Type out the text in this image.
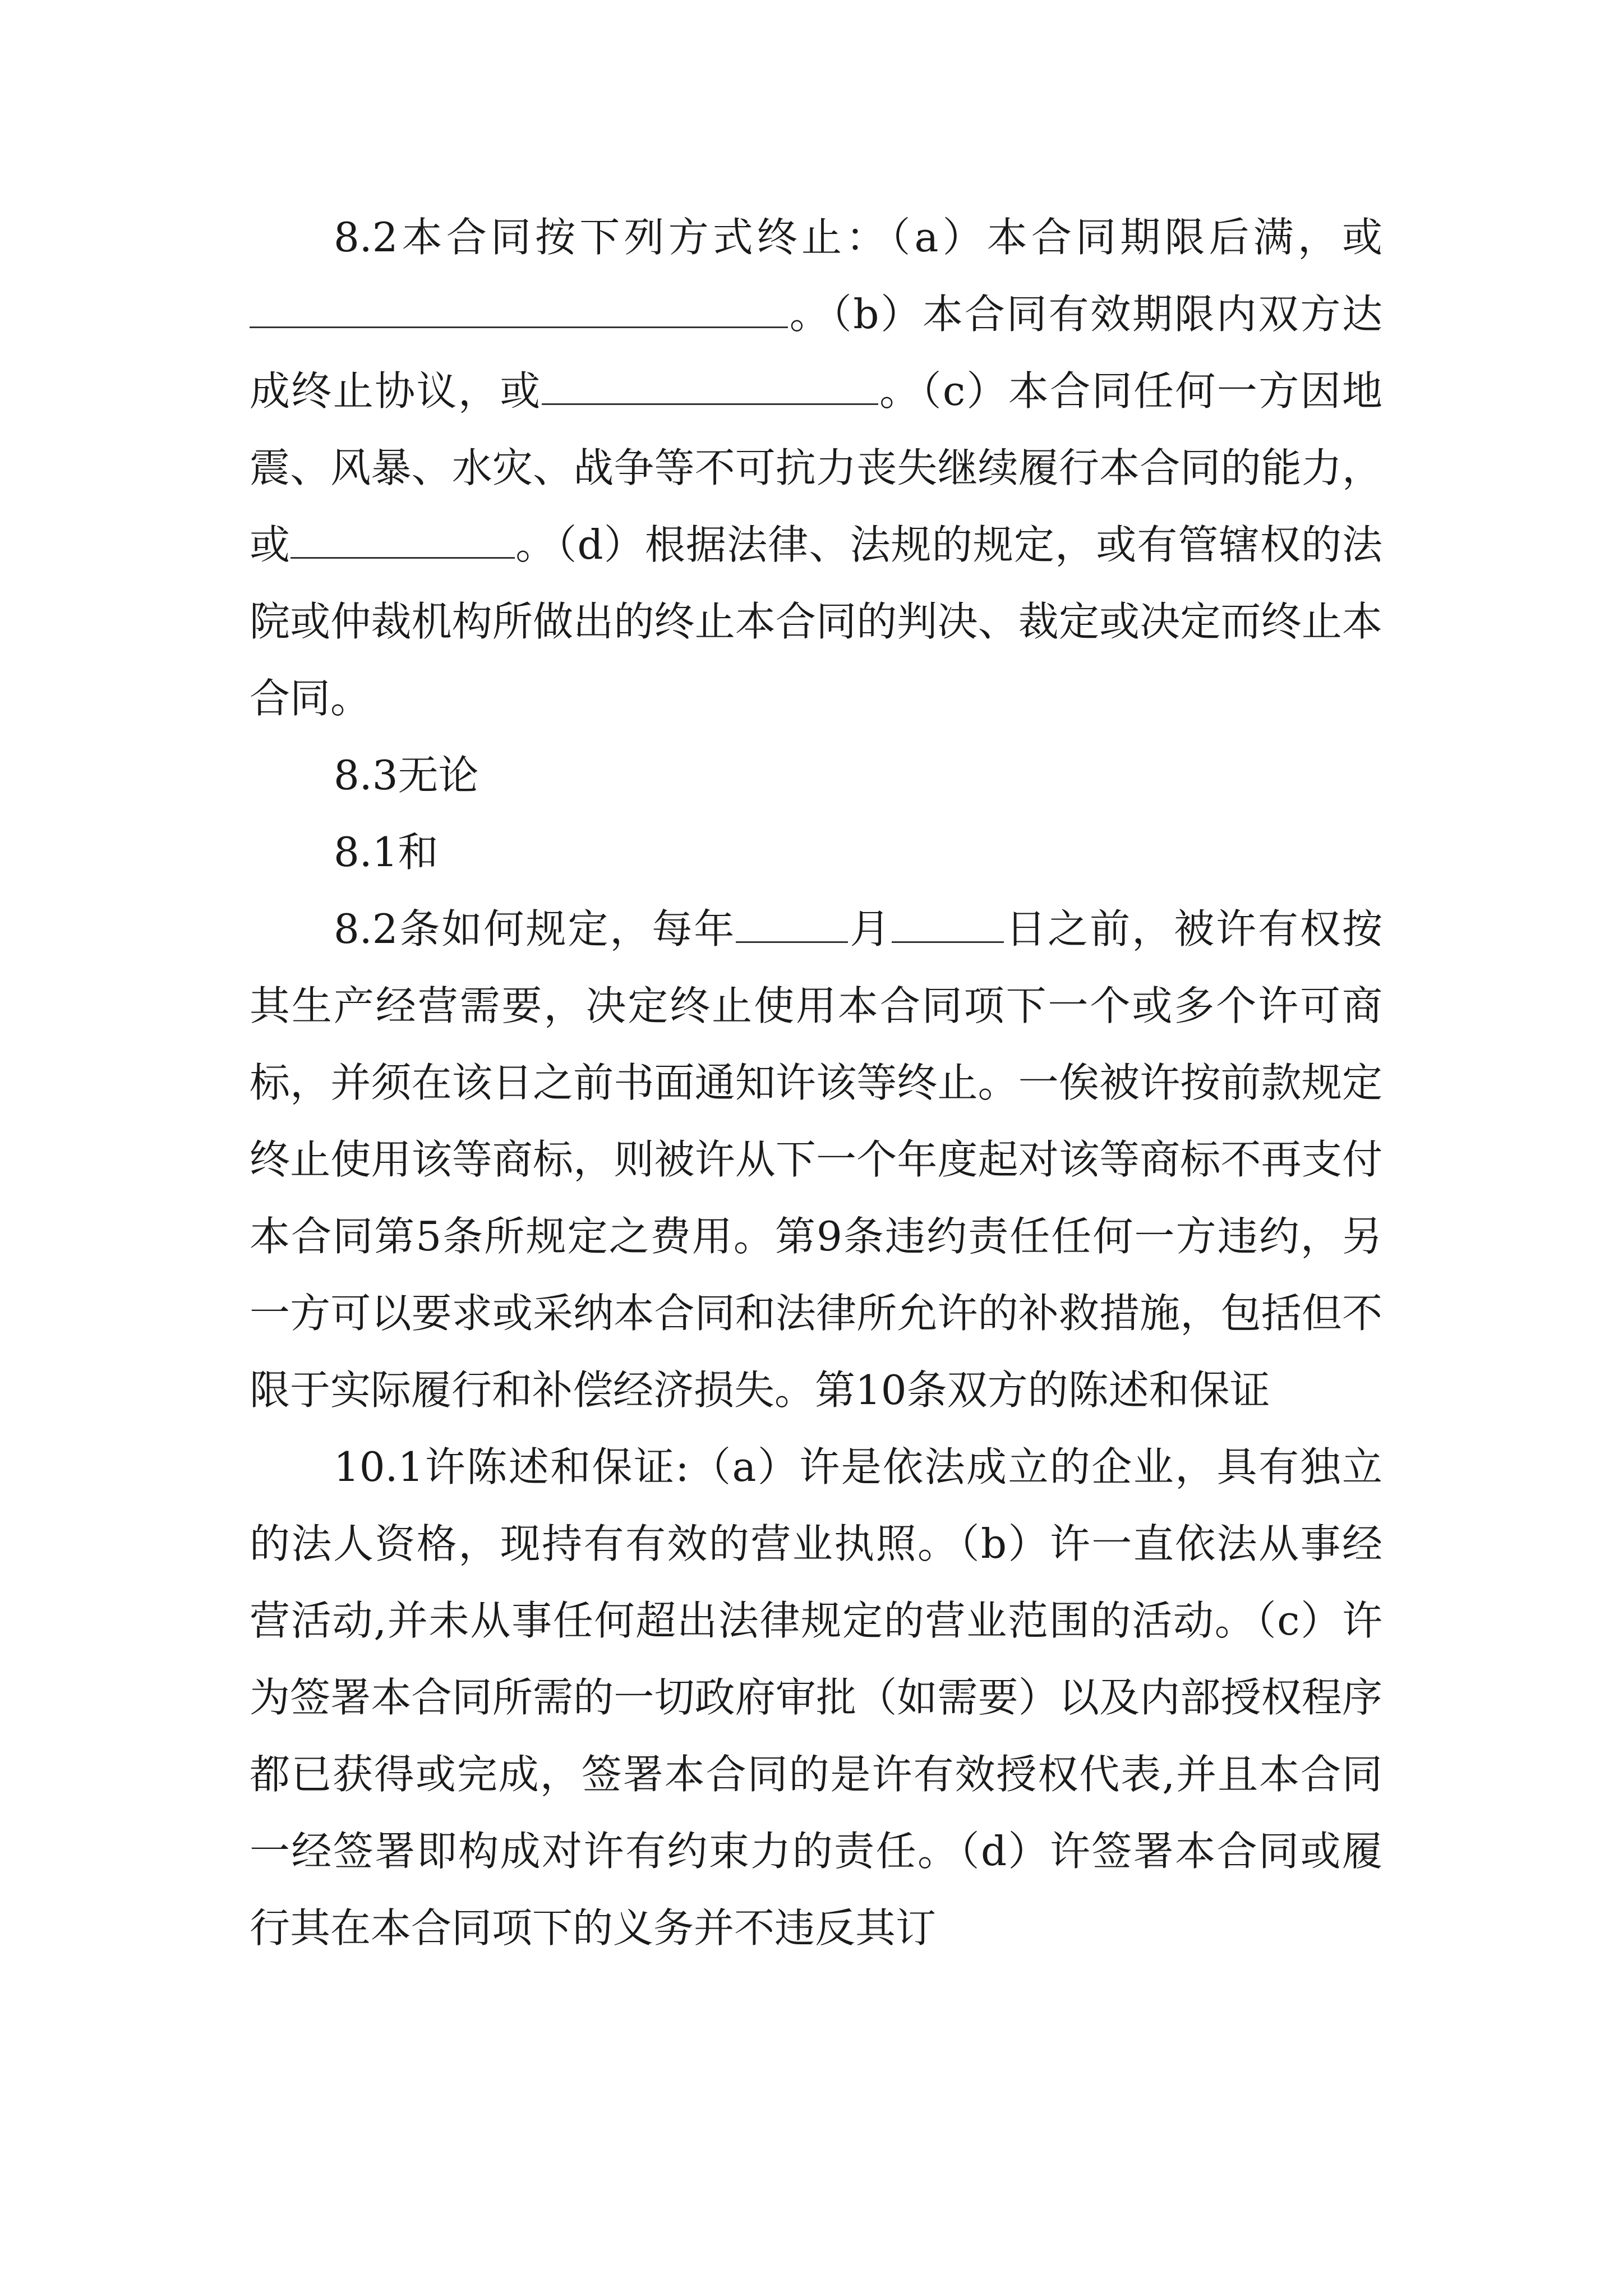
8.2本合同按下列方式终止：（a）本合同期限后满，或。（b）本合同有效期限内双方达成终止协议，或	。（c）本合同任何一方因地震、风暴、水灾、战争等不可抗力丧失继续履行本合同的能力，或	。（d）根据法律、法规的规定，或有管辖权的法院或仲裁机构所做出的终止本合同的判决、裁定或决定而终止本合同。

8.3无论

8.1和

8.2条如何规定，每年	月	日之前，被许有权按其生产经营需要，决定终止使用本合同项下一个或多个许可商标，并须在该日之前书面通知许该等终止。一俟被许按前款规定终止使用该等商标，则被许从下一个年度起对该等商标不再支付本合同第5条所规定之费用。第9条违约责任任何一方违约，另一方可以要求或采纳本合同和法律所允许的补救措施，包括但不限于实际履行和补偿经济损失。第10条双方的陈述和保证

10.1许陈述和保证:（a）许是依法成立的企业，具有独立的法人资格，现持有有效的营业执照。（b）许一直依法从事经营活动,并未从事任何超出法律规定的营业范围的活动。（c）许为签署本合同所需的一切政府审批（如需要）以及内部授权程序都已获得或完成，签署本合同的是许有效授权代表,并且本合同一经签署即构成对许有约束力的责任。（d）许签署本合同或履行其在本合同项下的义务并不违反其订
